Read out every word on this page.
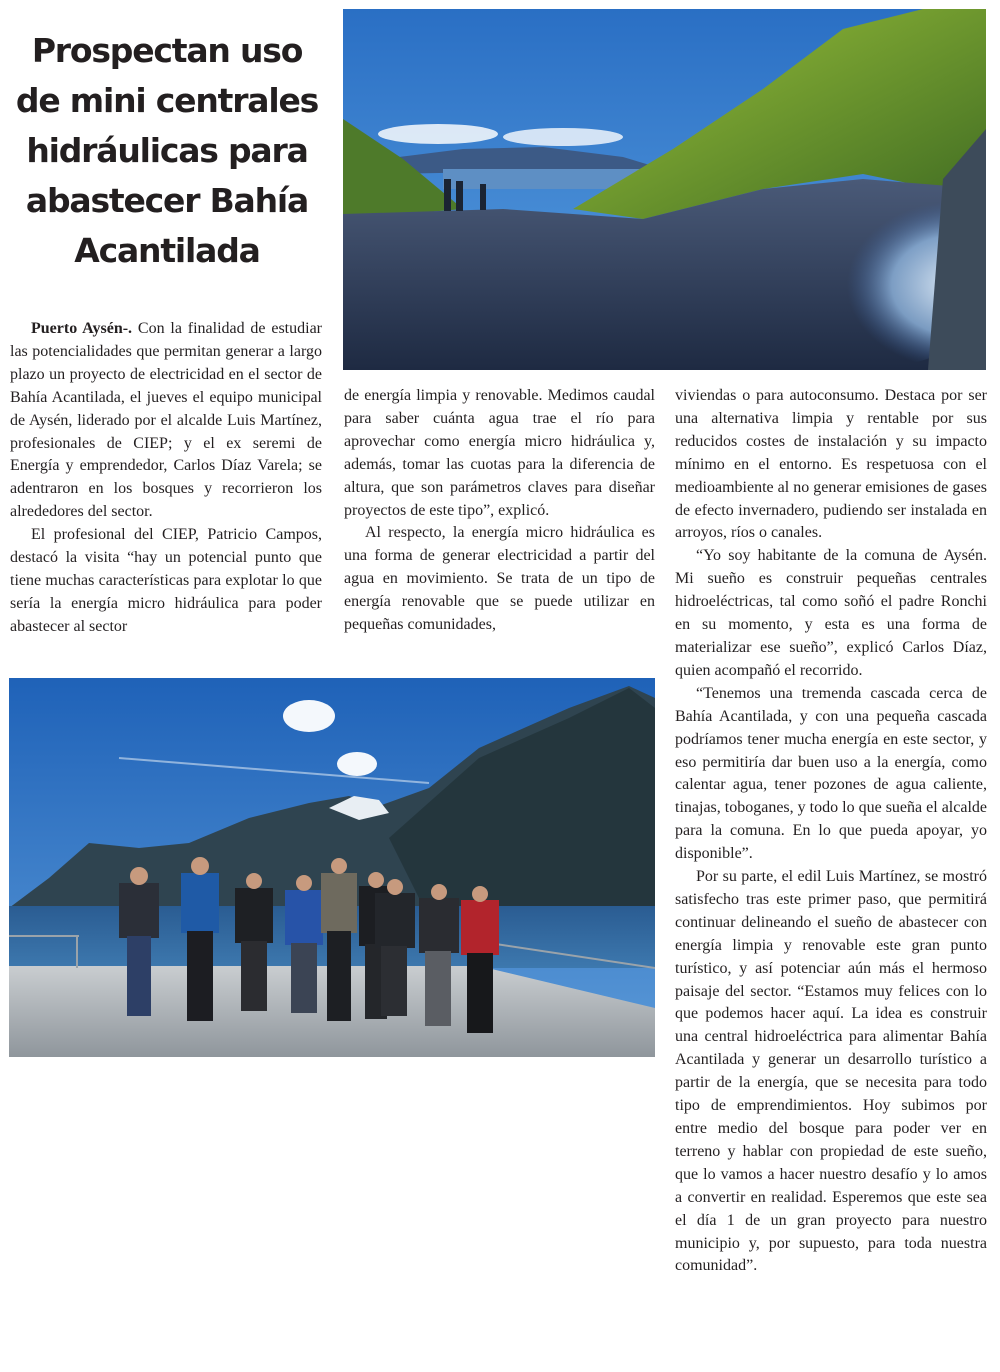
Prospectan uso
de mini centrales
hidráulicas para
abastecer Bahía
Acantilada

Puerto Aysén-. Con la finalidad de estudiar las potencialidades que permitan generar a largo plazo un proyecto de electricidad en el sector de Bahía Acantilada, el jueves el equipo municipal de Aysén, liderado por el alcalde Luis Martínez, profesionales de CIEP; y el ex seremi de Energía y emprendedor, Carlos Díaz Varela; se adentraron en los bosques y recorrieron los alrededores del sector.

El profesional del CIEP, Patricio Campos, destacó la visita “hay un potencial punto que tiene muchas características para explotar lo que sería la energía micro hidráulica para poder abastecer al sector

de energía limpia y renovable. Medimos caudal para saber cuánta agua trae el río para aprovechar como energía micro hidráulica y, además, tomar las cuotas para la diferencia de altura, que son parámetros claves para diseñar proyectos de este tipo”, explicó.

Al respecto, la energía micro hidráulica es una forma de generar electricidad a partir del agua en movimiento. Se trata de un tipo de energía renovable que se puede utilizar en pequeñas comunidades,

viviendas o para autoconsumo. Destaca por ser una alternativa limpia y rentable por sus reducidos costes de instalación y su impacto mínimo en el entorno. Es respetuosa con el medioambiente al no generar emisiones de gases de efecto invernadero, pudiendo ser instalada en arroyos, ríos o canales.

“Yo soy habitante de la comuna de Aysén. Mi sueño es construir pequeñas centrales hidroeléctricas, tal como soñó el padre Ronchi en su momento, y esta es una forma de materializar ese sueño”, explicó Carlos Díaz, quien acompañó el recorrido.

“Tenemos una tremenda cascada cerca de Bahía Acantilada, y con una pequeña cascada podríamos tener mucha energía en este sector, y eso permitiría dar buen uso a la energía, como calentar agua, tener pozones de agua caliente, tinajas, toboganes, y todo lo que sueña el alcalde para la comuna. En lo que pueda apoyar, yo disponible”.

Por su parte, el edil Luis Martínez, se mostró satisfecho tras este primer paso, que permitirá continuar delineando el sueño de abastecer con energía limpia y renovable este gran punto turístico, y así potenciar aún más el hermoso paisaje del sector. “Estamos muy felices con lo que podemos hacer aquí. La idea es construir una central hidroeléctrica para alimentar Bahía Acantilada y generar un desarrollo turístico a partir de la energía, que se necesita para todo tipo de emprendimientos. Hoy subimos por entre medio del bosque para poder ver en terreno y hablar con propiedad de este sueño, que lo vamos a hacer nuestro desafío y lo amos a convertir en realidad. Esperemos que este sea el día 1 de un gran proyecto para nuestro municipio y, por supuesto, para toda nuestra comunidad”.
